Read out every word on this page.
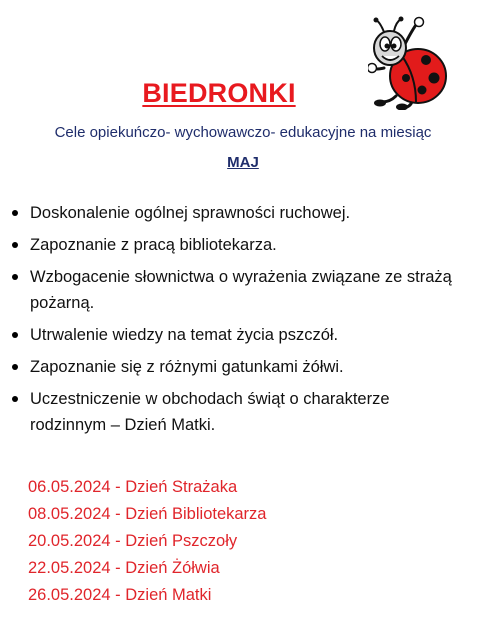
BIEDRONKI
Cele opiekuńczo- wychowawczo- edukacyjne na miesiąc
MAJ
Doskonalenie ogólnej sprawności ruchowej.
Zapoznanie z pracą bibliotekarza.
Wzbogacenie słownictwa o wyrażenia związane ze strażą pożarną.
Utrwalenie wiedzy na temat życia pszczół.
Zapoznanie się z różnymi gatunkami żółwi.
Uczestniczenie w obchodach świąt o charakterze rodzinnym – Dzień Matki.
06.05.2024 - Dzień Strażaka
08.05.2024 - Dzień Bibliotekarza
20.05.2024 - Dzień Pszczoły
22.05.2024 - Dzień Żółwia
26.05.2024 - Dzień Matki
